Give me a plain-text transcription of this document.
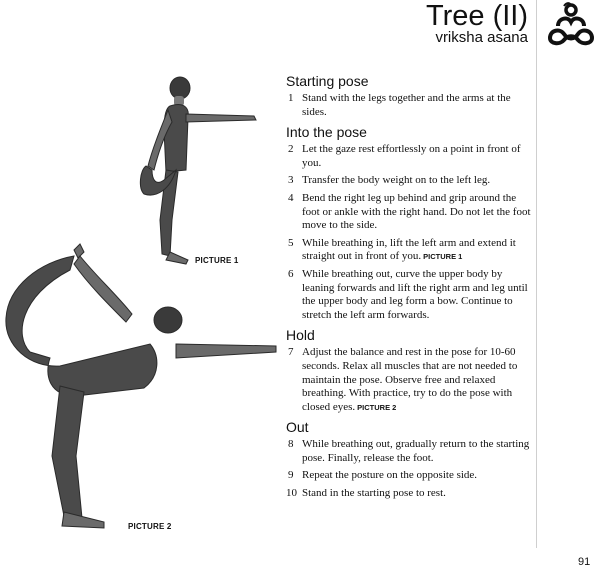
Tree (II)
vriksha asana
PICTURE 1
PICTURE 2
Starting pose
1 Stand with the legs together and the arms at the sides.
Into the pose
2 Let the gaze rest effortlessly on a point in front of you.
3 Transfer the body weight on to the left leg.
4 Bend the right leg up behind and grip around the foot or ankle with the right hand. Do not let the foot move to the side.
5 While breathing in, lift the left arm and extend it straight out in front of you. PICTURE 1
6 While breathing out, curve the upper body by leaning forwards and lift the right arm and leg until the upper body and leg form a bow. Continue to stretch the left arm forwards.
Hold
7 Adjust the balance and rest in the pose for 10-60 seconds. Relax all muscles that are not needed to maintain the pose. Observe free and relaxed breathing. With practice, try to do the pose with closed eyes. PICTURE 2
Out
8 While breathing out, gradually return to the starting pose. Finally, release the foot.
9 Repeat the posture on the opposite side.
10 Stand in the starting pose to rest.
91
